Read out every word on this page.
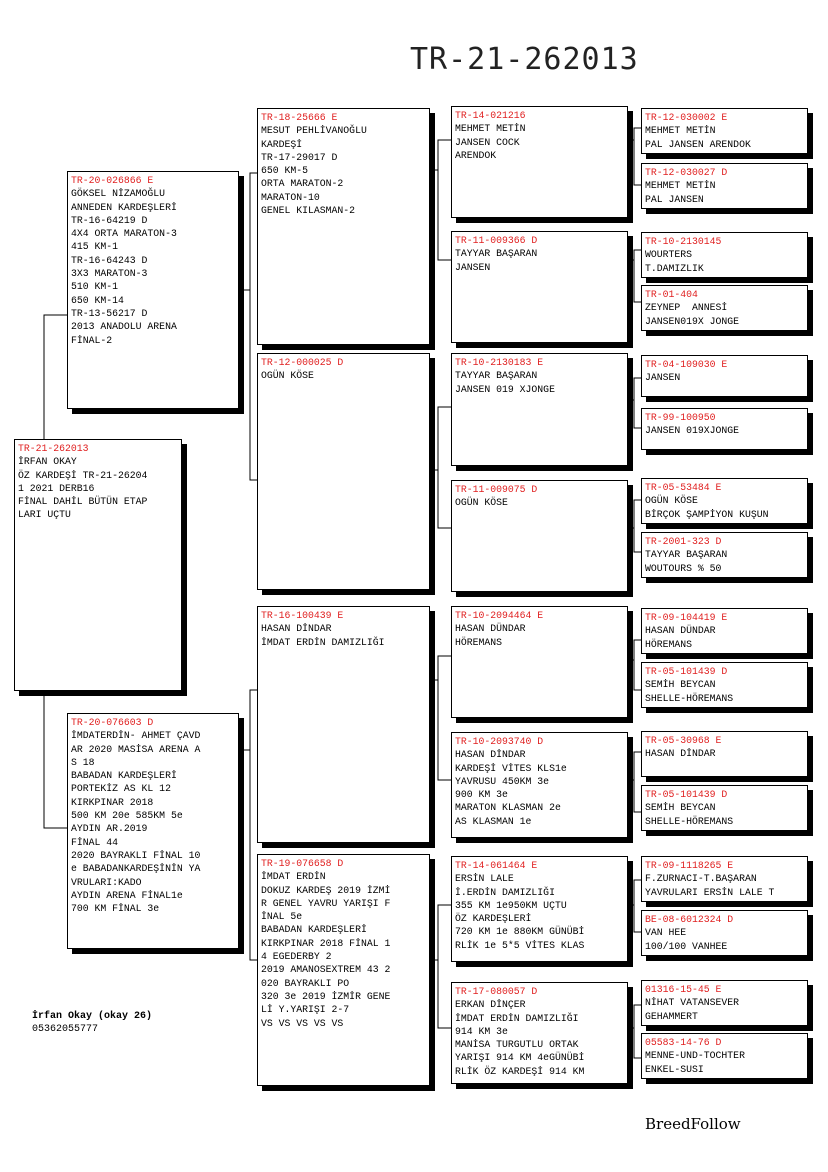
TR-21-262013
TR-21-262013
İRFAN OKAY
ÖZ KARDEŞİ TR-21-26204
1 2021 DERB16
FİNAL DAHİL BÜTÜN ETAP
LARI UÇTU
TR-20-026866 E
GÖKSEL NİZAMOĞLU
ANNEDEN KARDEŞLERİ
TR-16-64219 D
4X4 ORTA MARATON-3
415 KM-1
TR-16-64243 D
3X3 MARATON-3
510 KM-1
650 KM-14
TR-13-56217 D
2013 ANADOLU ARENA
FİNAL-2
TR-20-076603 D
İMDATERDİN- AHMET ÇAVD
AR 2020 MASİSA ARENA A
S 18
BABADAN KARDEŞLERİ
PORTEKİZ AS KL 12
KIRKPINAR 2018
500 KM 20e 585KM 5e
AYDIN AR.2019
FİNAL 44
2020 BAYRAKLI FİNAL 10
e BABADANKARDEŞİNİN YA
VRULARI:KADO
AYDIN ARENA FİNAL1e
700 KM FİNAL 3e
TR-18-25666 E
MESUT PEHLİVANOĞLU
KARDEŞİ
TR-17-29017 D
650 KM-5
ORTA MARATON-2
MARATON-10
GENEL KILASMAN-2
TR-12-000025 D
OGÜN KÖSE
TR-16-100439 E
HASAN DİNDAR
İMDAT ERDİN DAMIZLIĞI
TR-19-076658 D
İMDAT ERDİN
DOKUZ KARDEŞ 2019 İZMİ
R GENEL YAVRU YARIŞI F
İNAL 5e
BABADAN KARDEŞLERİ
KIRKPINAR 2018 FİNAL 1
4 EGEDERBY 2
2019 AMANOSEXTREM 43 2
020 BAYRAKLI PO
320 3e 2019 İZMİR GENE
Lİ Y.YARIŞI 2-7
VS VS VS VS VS
TR-14-021216
MEHMET METİN
JANSEN COCK
ARENDOK
TR-11-009366 D
TAYYAR BAŞARAN
JANSEN
TR-10-2130183 E
TAYYAR BAŞARAN
JANSEN 019 XJONGE
TR-11-009075 D
OGÜN KÖSE
TR-10-2094464 E
HASAN DÜNDAR
HÖREMANS
TR-10-2093740 D
HASAN DİNDAR
KARDEŞİ VİTES KLS1e
YAVRUSU 450KM 3e
900 KM 3e
MARATON KLASMAN 2e
AS KLASMAN 1e
TR-14-061464 E
ERSİN LALE
İ.ERDİN DAMIZLIĞI
355 KM 1e950KM UÇTU
ÖZ KARDEŞLERİ
720 KM 1e 880KM GÜNÜBİ
RLİK 1e 5*5 VİTES KLAS
TR-17-080057 D
ERKAN DİNÇER
İMDAT ERDİN DAMIZLIĞI
914 KM 3e
MANİSA TURGUTLU ORTAK
YARIŞI 914 KM 4eGÜNÜBİ
RLİK ÖZ KARDEŞİ 914 KM
TR-12-030002 E
MEHMET METİN
PAL JANSEN ARENDOK
TR-12-030027 D
MEHMET METİN
PAL JANSEN
TR-10-2130145
WOURTERS
T.DAMIZLIK
TR-01-404
ZEYNEP  ANNESİ
JANSEN019X JONGE
TR-04-109030 E
JANSEN
TR-99-100950
JANSEN 019XJONGE
TR-05-53484 E
OGÜN KÖSE
BİRÇOK ŞAMPİYON KUŞUN
TR-2001-323 D
TAYYAR BAŞARAN
WOUTOURS % 50
TR-09-104419 E
HASAN DÜNDAR
HÖREMANS
TR-05-101439 D
SEMİH BEYCAN
SHELLE-HÖREMANS
TR-05-30968 E
HASAN DİNDAR
TR-05-101439 D
SEMİH BEYCAN
SHELLE-HÖREMANS
TR-09-1118265 E
F.ZURNACI-T.BAŞARAN
YAVRULARI ERSİN LALE T
BE-08-6012324 D
VAN HEE
100/100 VANHEE
01316-15-45 E
NİHAT VATANSEVER
GEHAMMERT
05583-14-76 D
MENNE-UND-TOCHTER
ENKEL-SUSI
İrfan Okay (okay 26)
05362055777
BreedFollow
